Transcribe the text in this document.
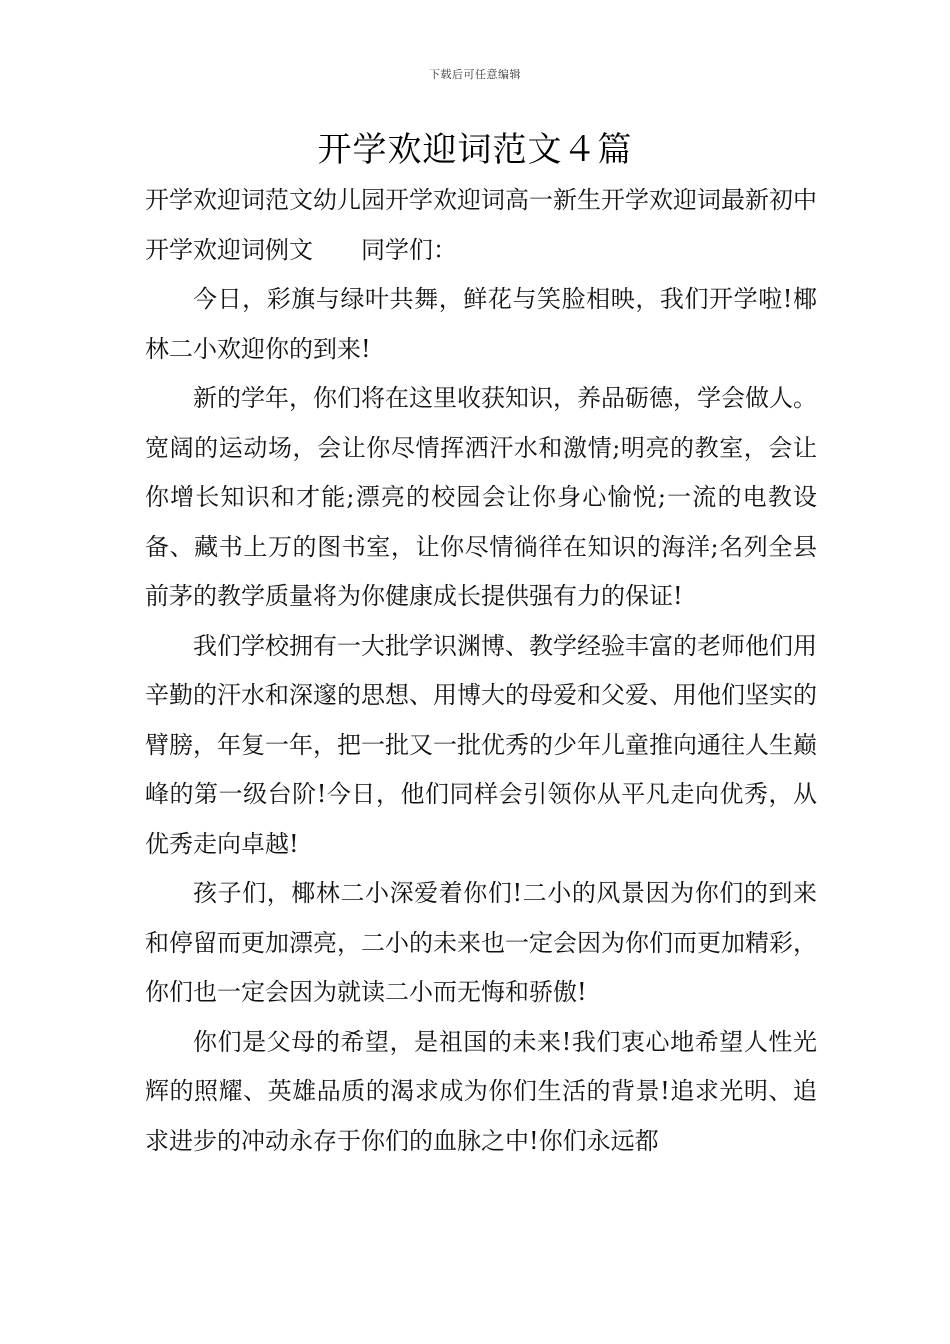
下载后可任意编辑
开学欢迎词范文４篇

开学欢迎词范文幼儿园开学欢迎词高一新生开学欢迎词最新初中开学欢迎词例文　　同学们：

今日，彩旗与绿叶共舞，鲜花与笑脸相映，我们开学啦!椰林二小欢迎你的到来!

新的学年，你们将在这里收获知识，养品砺德，学会做人。宽阔的运动场，会让你尽情挥洒汗水和激情;明亮的教室，会让你增长知识和才能;漂亮的校园会让你身心愉悦;一流的电教设备、藏书上万的图书室，让你尽情徜徉在知识的海洋;名列全县前茅的教学质量将为你健康成长提供强有力的保证!

我们学校拥有一大批学识渊博、教学经验丰富的老师他们用辛勤的汗水和深邃的思想、用博大的母爱和父爱、用他们坚实的臂膀，年复一年，把一批又一批优秀的少年儿童推向通往人生巅峰的第一级台阶!今日，他们同样会引领你从平凡走向优秀，从优秀走向卓越!

孩子们，椰林二小深爱着你们!二小的风景因为你们的到来和停留而更加漂亮，二小的未来也一定会因为你们而更加精彩，你们也一定会因为就读二小而无悔和骄傲!

你们是父母的希望，是祖国的未来!我们衷心地希望人性光辉的照耀、英雄品质的渴求成为你们生活的背景!追求光明、追求进步的冲动永存于你们的血脉之中!你们永远都
